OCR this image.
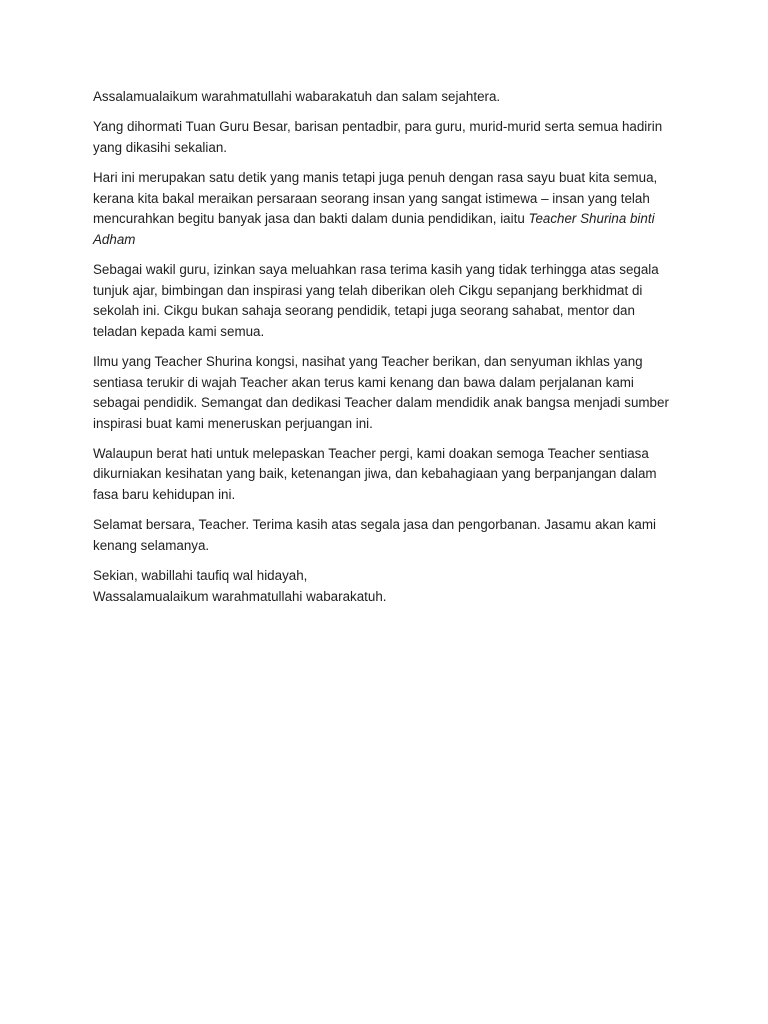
Assalamualaikum warahmatullahi wabarakatuh dan salam sejahtera.

Yang dihormati Tuan Guru Besar, barisan pentadbir, para guru, murid-murid serta semua hadirin yang dikasihi sekalian.

Hari ini merupakan satu detik yang manis tetapi juga penuh dengan rasa sayu buat kita semua, kerana kita bakal meraikan persaraan seorang insan yang sangat istimewa – insan yang telah mencurahkan begitu banyak jasa dan bakti dalam dunia pendidikan, iaitu Teacher Shurina binti Adham

Sebagai wakil guru, izinkan saya meluahkan rasa terima kasih yang tidak terhingga atas segala tunjuk ajar, bimbingan dan inspirasi yang telah diberikan oleh Cikgu sepanjang berkhidmat di sekolah ini. Cikgu bukan sahaja seorang pendidik, tetapi juga seorang sahabat, mentor dan teladan kepada kami semua.

Ilmu yang Teacher Shurina kongsi, nasihat yang Teacher berikan, dan senyuman ikhlas yang sentiasa terukir di wajah Teacher akan terus kami kenang dan bawa dalam perjalanan kami sebagai pendidik. Semangat dan dedikasi Teacher dalam mendidik anak bangsa menjadi sumber inspirasi buat kami meneruskan perjuangan ini.

Walaupun berat hati untuk melepaskan Teacher pergi, kami doakan semoga Teacher sentiasa dikurniakan kesihatan yang baik, ketenangan jiwa, dan kebahagiaan yang berpanjangan dalam fasa baru kehidupan ini.

Selamat bersara, Teacher. Terima kasih atas segala jasa dan pengorbanan. Jasamu akan kami kenang selamanya.

Sekian, wabillahi taufiq wal hidayah,
Wassalamualaikum warahmatullahi wabarakatuh.
